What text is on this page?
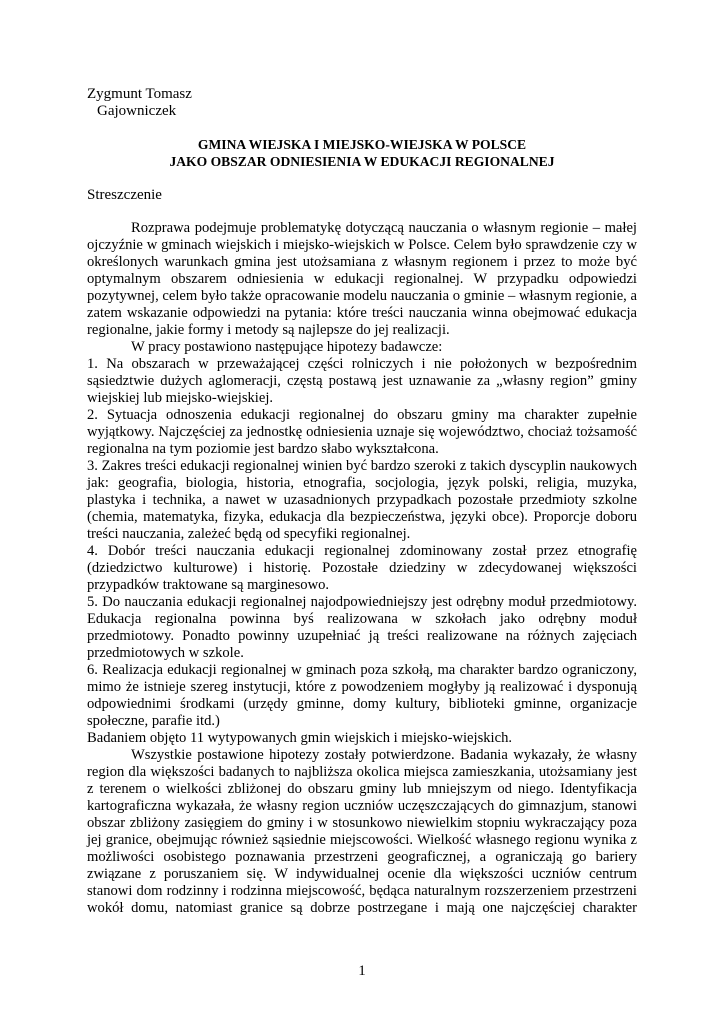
Zygmunt Tomasz
Gajowniczek
GMINA WIEJSKA I MIEJSKO-WIEJSKA W POLSCE
JAKO OBSZAR ODNIESIENIA W EDUKACJI REGIONALNEJ
Streszczenie

Rozprawa podejmuje problematykę dotyczącą nauczania o własnym regionie – małej ojczyźnie w gminach wiejskich i miejsko-wiejskich w Polsce. Celem było sprawdzenie czy w określonych warunkach gmina jest utożsamiana z własnym regionem i przez to może być optymalnym obszarem odniesienia w edukacji regionalnej. W przypadku odpowiedzi pozytywnej, celem było także opracowanie modelu nauczania o gminie – własnym regionie, a zatem wskazanie odpowiedzi na pytania: które treści nauczania winna obejmować edukacja regionalne, jakie formy i metody są najlepsze do jej realizacji.

W pracy postawiono następujące hipotezy badawcze:

1. Na obszarach w przeważającej części rolniczych i nie położonych w bezpośrednim sąsiedztwie dużych aglomeracji, częstą postawą jest uznawanie za „własny region” gminy wiejskiej lub miejsko-wiejskiej.

2. Sytuacja odnoszenia edukacji regionalnej do obszaru gminy ma charakter zupełnie wyjątkowy. Najczęściej za jednostkę odniesienia uznaje się województwo, chociaż tożsamość regionalna na tym poziomie jest bardzo słabo wykształcona.

3. Zakres treści edukacji regionalnej winien być bardzo szeroki z takich dyscyplin naukowych jak: geografia, biologia, historia, etnografia, socjologia, język polski, religia, muzyka, plastyka i technika, a nawet w uzasadnionych przypadkach pozostałe przedmioty szkolne (chemia, matematyka, fizyka, edukacja dla bezpieczeństwa, języki obce). Proporcje doboru treści nauczania, zależeć będą od specyfiki regionalnej.

4. Dobór treści nauczania edukacji regionalnej zdominowany został przez etnografię (dziedzictwo kulturowe) i historię. Pozostałe dziedziny w zdecydowanej większości przypadków traktowane są marginesowo.

5. Do nauczania edukacji regionalnej najodpowiedniejszy jest odrębny moduł przedmiotowy. Edukacja regionalna powinna byś realizowana w szkołach jako odrębny moduł przedmiotowy. Ponadto powinny uzupełniać ją treści realizowane na różnych zajęciach przedmiotowych w szkole.

6. Realizacja edukacji regionalnej w gminach poza szkołą, ma charakter bardzo ograniczony, mimo że istnieje szereg instytucji, które z powodzeniem mogłyby ją realizować i dysponują odpowiednimi środkami (urzędy gminne, domy kultury, biblioteki gminne, organizacje społeczne, parafie itd.)

Badaniem objęto 11 wytypowanych gmin wiejskich i miejsko-wiejskich.

Wszystkie postawione hipotezy zostały potwierdzone. Badania wykazały, że własny region dla większości badanych to najbliższa okolica miejsca zamieszkania, utożsamiany jest z terenem o wielkości zbliżonej do obszaru gminy lub mniejszym od niego. Identyfikacja kartograficzna wykazała, że własny region uczniów uczęszczających do gimnazjum, stanowi obszar zbliżony zasięgiem do gminy i w stosunkowo niewielkim stopniu wykraczający poza jej granice, obejmując również sąsiednie miejscowości. Wielkość własnego regionu wynika z możliwości osobistego poznawania przestrzeni geograficznej, a ograniczają go bariery związane z poruszaniem się. W indywidualnej ocenie dla większości uczniów centrum stanowi dom rodzinny i rodzinna miejscowość, będąca naturalnym rozszerzeniem przestrzeni wokół domu, natomiast granice są dobrze postrzegane i mają one najczęściej charakter

1
